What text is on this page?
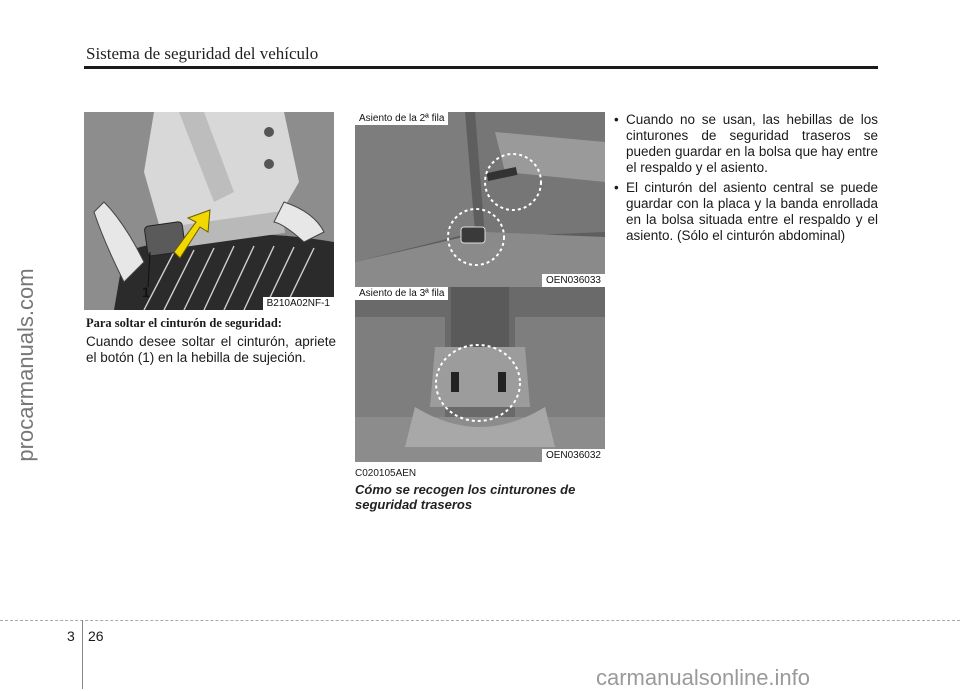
Sistema de seguridad del vehículo
procarmanuals.com	1
B210A02NF-1
Para soltar el cinturón de seguridad:
Cuando desee soltar el cinturón, apriete el botón (1) en la hebilla de sujeción.
Asiento de la 2ª fila
OEN036033
Asiento de la 3ª fila
OEN036032
C020105AEN
Cómo se recogen los cinturones de seguridad traseros
• Cuando no se usan, las hebillas de los cinturones de seguridad traseros se pueden guardar en la bolsa que hay entre el respaldo y el asiento.
• El cinturón del asiento central se puede guardar con la placa y la banda enrollada en la bolsa situada entre el respaldo y el asiento. (Sólo el cinturón abdominal)
3 26
carmanualsonline.info
